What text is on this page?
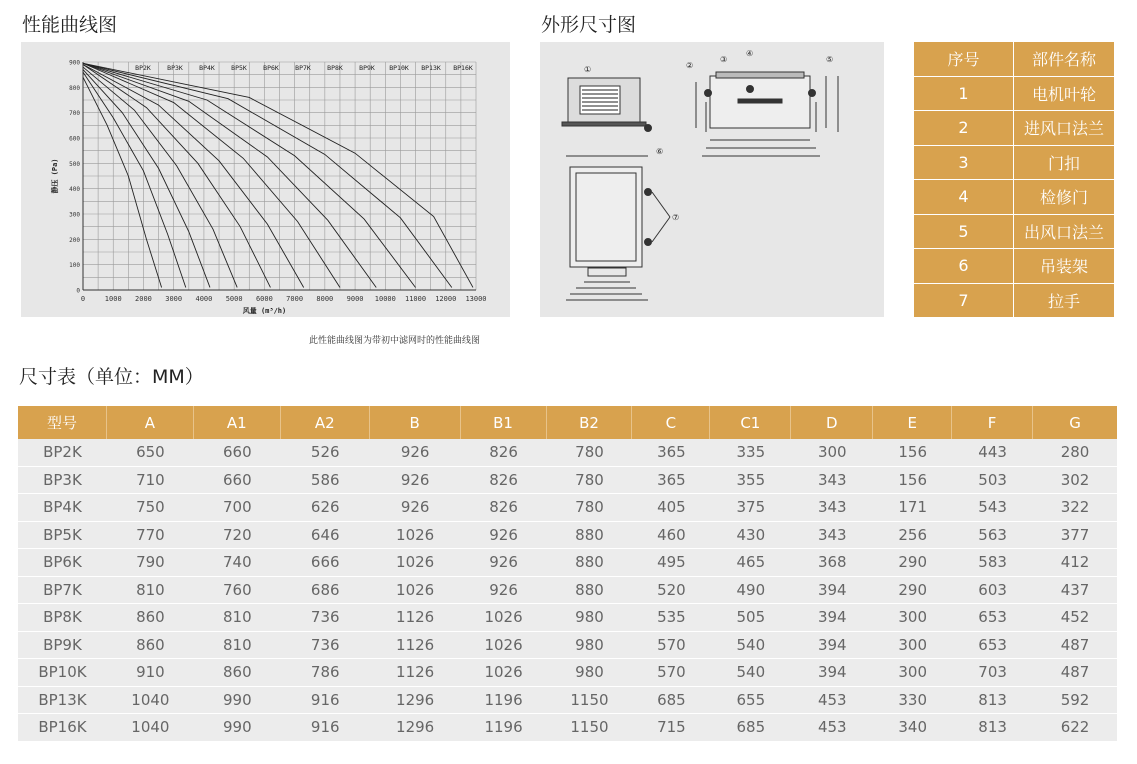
性能曲线图	外形尺寸图
尺寸表（单位：MM）
0	1000 2000 3000 4000 5000 6000 7000 8000 9000 10000 11000 12000 13000
0
100
200
300
400
500
600
700
800
900
风量 (m³/h)
静压 (Pa)
BP2K	BP3K	BP4K	BP5K	BP6K	BP7K	BP8K	BP9K BP10K BP13K BP16K
此性能曲线图为带初中滤网时的性能曲线图
①	②
③
④
⑤
⑥
⑦
序号	部件名称
1	电机叶轮
2	进风口法兰
3	门扣
4	检修门
5	出风口法兰
6	吊装架
7	拉手
型号	A	A1	A2	B	B1	B2	C	C1	D	E	F	G
BP2K	650	660	526	926	826	780	365	335	300	156	443	280
BP3K	710	660	586	926	826	780	365	355	343	156	503	302
BP4K	750	700	626	926	826	780	405	375	343	171	543	322
BP5K	770	720	646	1026	926	880	460	430	343	256	563	377
BP6K	790	740	666	1026	926	880	495	465	368	290	583	412
BP7K	810	760	686	1026	926	880	520	490	394	290	603	437
BP8K	860	810	736	1126	1026	980	535	505	394	300	653	452
BP9K	860	810	736	1126	1026	980	570	540	394	300	653	487
BP10K	910	860	786	1126	1026	980	570	540	394	300	703	487
BP13K	1040	990	916	1296	1196	1150	685	655	453	330	813	592
BP16K	1040	990	916	1296	1196	1150	715	685	453	340	813	622
